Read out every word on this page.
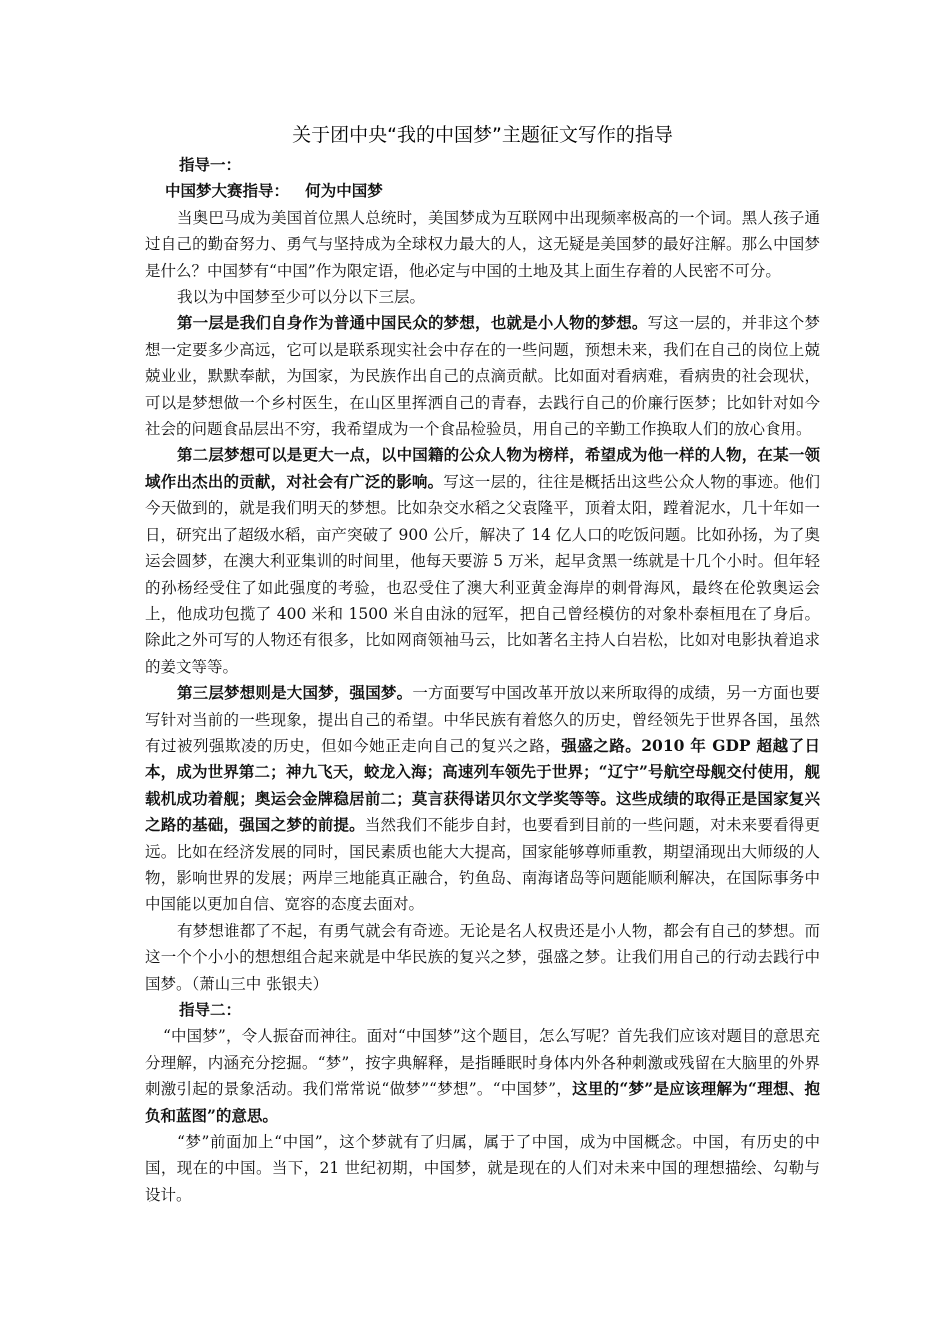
关于团中央“我的中国梦”主题征文写作的指导
指导一：
中国梦大赛指导：   何为中国梦

当奥巴马成为美国首位黑人总统时，美国梦成为互联网中出现频率极高的一个词。黑人孩子通过自己的勤奋努力、勇气与坚持成为全球权力最大的人，这无疑是美国梦的最好注解。那么中国梦是什么？中国梦有“中国”作为限定语，他必定与中国的土地及其上面生存着的人民密不可分。

我以为中国梦至少可以分以下三层。

第一层是我们自身作为普通中国民众的梦想，也就是小人物的梦想。写这一层的，并非这个梦想一定要多少高远，它可以是联系现实社会中存在的一些问题，预想未来，我们在自己的岗位上兢兢业业，默默奉献，为国家，为民族作出自己的点滴贡献。比如面对看病难，看病贵的社会现状，可以是梦想做一个乡村医生，在山区里挥洒自己的青春，去践行自己的价廉行医梦；比如针对如今社会的问题食品层出不穷，我希望成为一个食品检验员，用自己的辛勤工作换取人们的放心食用。

第二层梦想可以是更大一点，以中国籍的公众人物为榜样，希望成为他一样的人物，在某一领域作出杰出的贡献，对社会有广泛的影响。写这一层的，往往是概括出这些公众人物的事迹。他们今天做到的，就是我们明天的梦想。比如杂交水稻之父袁隆平，顶着太阳，蹚着泥水，几十年如一日，研究出了超级水稻，亩产突破了 900 公斤，解决了 14 亿人口的吃饭问题。比如孙扬，为了奥运会圆梦，在澳大利亚集训的时间里，他每天要游 5 万米，起早贪黑一练就是十几个小时。但年轻的孙杨经受住了如此强度的考验，也忍受住了澳大利亚黄金海岸的刺骨海风，最终在伦敦奥运会上，他成功包揽了 400 米和 1500 米自由泳的冠军，把自己曾经模仿的对象朴泰桓甩在了身后。除此之外可写的人物还有很多，比如网商领袖马云，比如著名主持人白岩松，比如对电影执着追求的姜文等等。

第三层梦想则是大国梦，强国梦。一方面要写中国改革开放以来所取得的成绩，另一方面也要写针对当前的一些现象，提出自己的希望。中华民族有着悠久的历史，曾经领先于世界各国，虽然有过被列强欺凌的历史，但如今她正走向自己的复兴之路，强盛之路。2010 年 GDP 超越了日本，成为世界第二；神九飞天，蛟龙入海；高速列车领先于世界；“辽宁”号航空母舰交付使用，舰载机成功着舰；奥运会金牌稳居前二；莫言获得诺贝尔文学奖等等。这些成绩的取得正是国家复兴之路的基础，强国之梦的前提。当然我们不能步自封，也要看到目前的一些问题，对未来要看得更远。比如在经济发展的同时，国民素质也能大大提高，国家能够尊师重教，期望涌现出大师级的人物，影响世界的发展；两岸三地能真正融合，钓鱼岛、南海诸岛等问题能顺利解决，在国际事务中中国能以更加自信、宽容的态度去面对。

有梦想谁都了不起，有勇气就会有奇迹。无论是名人权贵还是小人物，都会有自己的梦想。而这一个个小小的想想组合起来就是中华民族的复兴之梦，强盛之梦。让我们用自己的行动去践行中国梦。（萧山三中 张银夫）

指导二：

“中国梦”，令人振奋而神往。面对“中国梦”这个题目，怎么写呢？首先我们应该对题目的意思充分理解，内涵充分挖掘。“梦”，按字典解释，是指睡眠时身体内外各种刺激或残留在大脑里的外界刺激引起的景象活动。我们常常说“做梦”“梦想”。“中国梦”，这里的“梦”是应该理解为“理想、抱负和蓝图”的意思。

“梦”前面加上“中国”，这个梦就有了归属，属于了中国，成为中国概念。中国，有历史的中国，现在的中国。当下，21 世纪初期，中国梦，就是现在的人们对未来中国的理想描绘、勾勒与设计。
